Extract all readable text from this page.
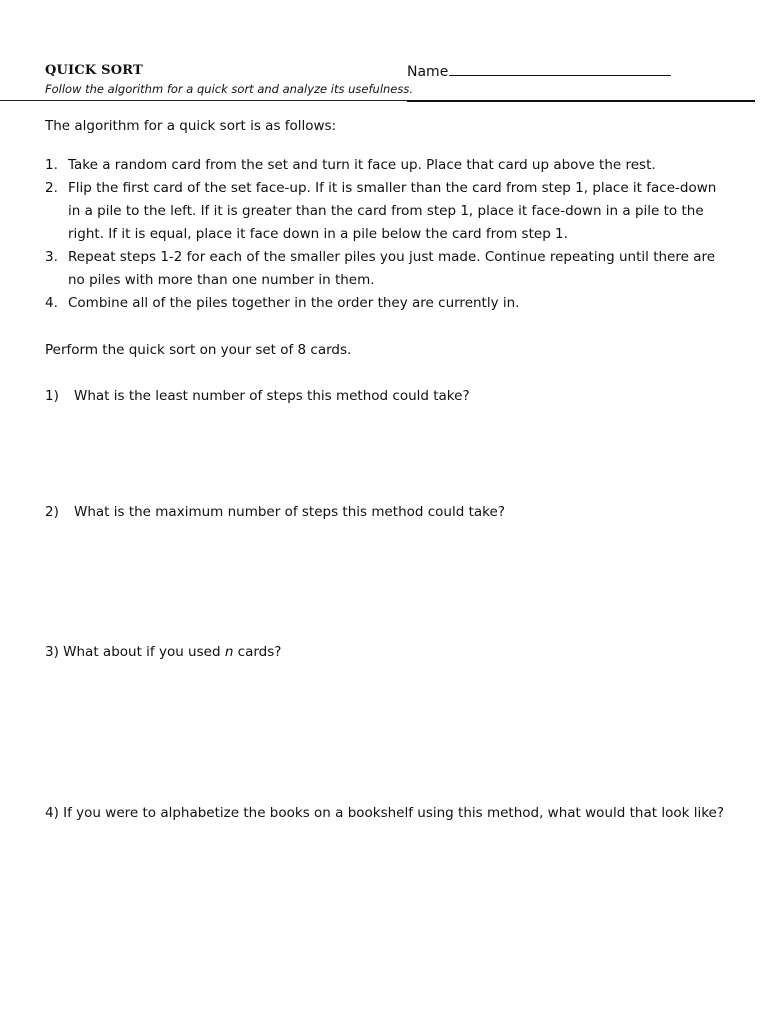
QUICK SORT	Name
Follow the algorithm for a quick sort and analyze its usefulness.
The algorithm for a quick sort is as follows:
1. Take a random card from the set and turn it face up. Place that card up above the rest.
2. Flip the first card of the set face-up. If it is smaller than the card from step 1, place it face-down in a pile to the left. If it is greater than the card from step 1, place it face-down in a pile to the right. If it is equal, place it face down in a pile below the card from step 1.
3. Repeat steps 1-2 for each of the smaller piles you just made. Continue repeating until there are no piles with more than one number in them.
4. Combine all of the piles together in the order they are currently in.
Perform the quick sort on your set of 8 cards.
1) What is the least number of steps this method could take?
2) What is the maximum number of steps this method could take?
3) What about if you used n cards?
4) If you were to alphabetize the books on a bookshelf using this method, what would that look like?
